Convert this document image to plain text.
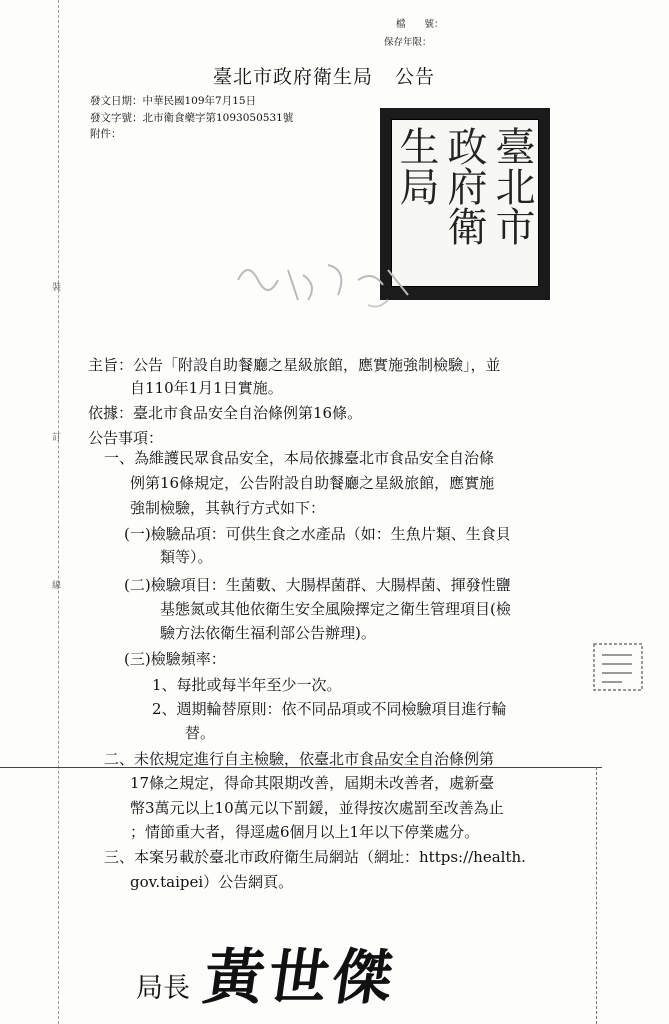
裝
訂
線
檔　　號：
保存年限：
臺北市政府衛生局 公告
發文日期：中華民國109年7月15日
發文字號：北市衛食藥字第1093050531號
附件：	臺北市
政府衛
生局
主旨：公告「附設自助餐廳之星級旅館，應實施強制檢驗」，並
自110年1月1日實施。
依據：臺北市食品安全自治條例第16條。
公告事項：
一、為維護民眾食品安全，本局依據臺北市食品安全自治條
例第16條規定，公告附設自助餐廳之星級旅館，應實施
強制檢驗，其執行方式如下：
(一)檢驗品項：可供生食之水產品（如：生魚片類、生食貝
類等）。
(二)檢驗項目：生菌數、大腸桿菌群、大腸桿菌、揮發性鹽
基態氮或其他依衛生安全風險擇定之衛生管理項目(檢
驗方法依衛生福利部公告辦理)。
(三)檢驗頻率：
1、每批或每半年至少一次。
2、週期輪替原則：依不同品項或不同檢驗項目進行輪
替。
二、未依規定進行自主檢驗，依臺北市食品安全自治條例第
17條之規定，得命其限期改善，屆期未改善者，處新臺
幣3萬元以上10萬元以下罰鍰，並得按次處罰至改善為止
；情節重大者，得逕處6個月以上1年以下停業處分。
三、本案另載於臺北市政府衛生局網站（網址：https://health.
gov.taipei）公告網頁。
局長 黃世傑
